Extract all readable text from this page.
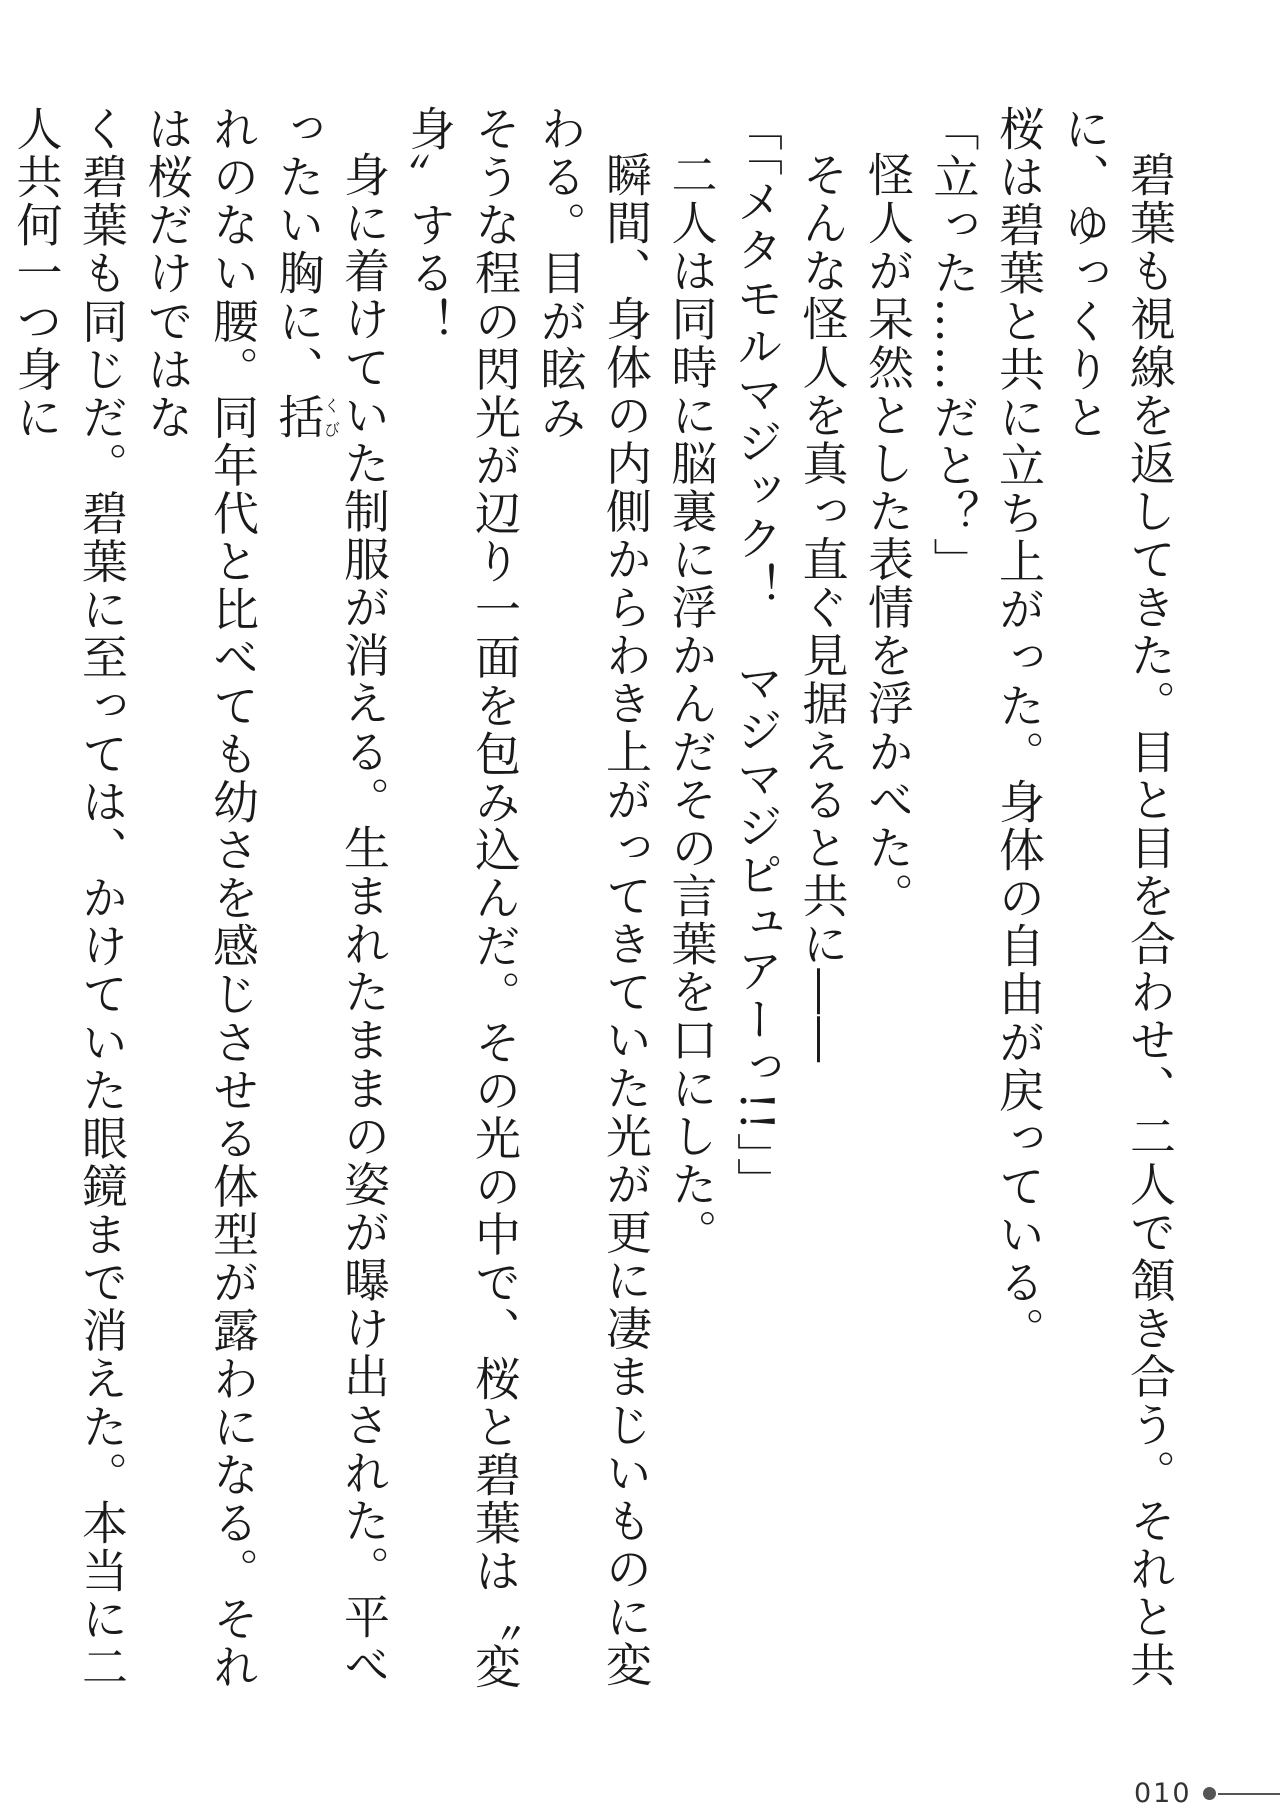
碧葉も視線を返してきた。目と目を合わせ、二人で頷き合う。それと共に、ゆっくりと

桜は碧葉と共に立ち上がった。身体の自由が戻っている。

「立った……だと？」

怪人が呆然とした表情を浮かべた。

そんな怪人を真っ直ぐ見据えると共に――

「「メタモルマジック！　マジマジピュアーっ!!」」

二人は同時に脳裏に浮かんだその言葉を口にした。

瞬間、身体の内側からわき上がってきていた光が更に凄まじいものに変わる。目が眩み

そうな程の閃光が辺り一面を包み込んだ。その光の中で、桜と碧葉は〝変身〟する！

身に着けていた制服が消える。生まれたままの姿が曝け出された。平べったい胸に、括くび

れのない腰。同年代と比べても幼さを感じさせる体型が露わになる。それは桜だけではな

く碧葉も同じだ。碧葉に至っては、かけていた眼鏡まで消えた。本当に二人共何一つ身に

010
